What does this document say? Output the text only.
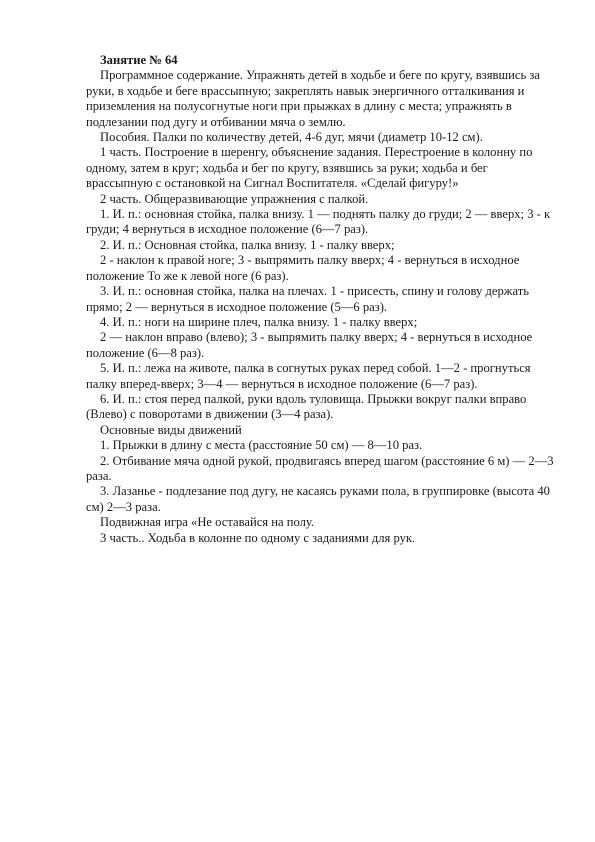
Занятие № 64

Программное содержание. Упражнять детей в ходьбе и беге по кругу, взявшись за руки, в ходьбе и беге врассыпную; закреплять навык энергичного отталкивания и приземления на полусогнутые ноги при прыжках в длину с места; упражнять в подлезании под дугу и отбивании мяча о землю.

Пособия. Палки по количеству детей, 4-6 дуг, мячи (диаметр 10-12 см).

1 часть. Построение в шеренгу, объяснение задания. Перестроение в колонну по одному, затем в круг; ходьба и бег по кругу, взявшись за руки; ходьба и бег врассыпную с остановкой на Сигнал Воспитателя. «Сделай фигуру!»

2 часть. Общеразвивающие упражнения с палкой.

1. И. п.: основная стойка, палка внизу. 1 — поднять палку до груди; 2 — вверх; 3 - к груди; 4 вернуться в исходное положение (6—7 раз).

2. И. п.: Основная стойка, палка внизу. 1 - палку вверх;

2 - наклон к правой ноге; 3 - выпрямить палку вверх; 4 - вернуться в исходное положение То же к левой ноге (6 раз).

3. И. п.: основная стойка, палка на плечах. 1 - присесть, спину и голову держать прямо; 2 — вернуться в исходное положение (5—6 раз).

4. И. п.: ноги на ширине плеч, палка внизу. 1 - палку вверх;

2 — наклон вправо (влево); 3 - выпрямить палку вверх; 4 - вернуться в исходное положение (6—8 раз).

5. И. п.: лежа на животе, палка в согнутых руках перед собой. 1—2 - прогнуться палку вперед-вверх; 3—4 — вернуться в исходное положение (6—7 раз).

6. И. п.: стоя перед палкой, руки вдоль туловища. Прыжки вокруг палки вправо (Влево) с поворотами в движении (3—4 раза).

Основные виды движений

1. Прыжки в длину с места (расстояние 50 см) — 8—10 раз.

2. Отбивание мяча одной рукой, продвигаясь вперед шагом (расстояние 6 м) — 2—3 раза.

3. Лазанье - подлезание под дугу, не касаясь руками пола, в группировке (высота 40 см) 2—3 раза.

Подвижная игра «Не оставайся на полу.

3 часть.. Ходьба в колонне по одному с заданиями для рук.
